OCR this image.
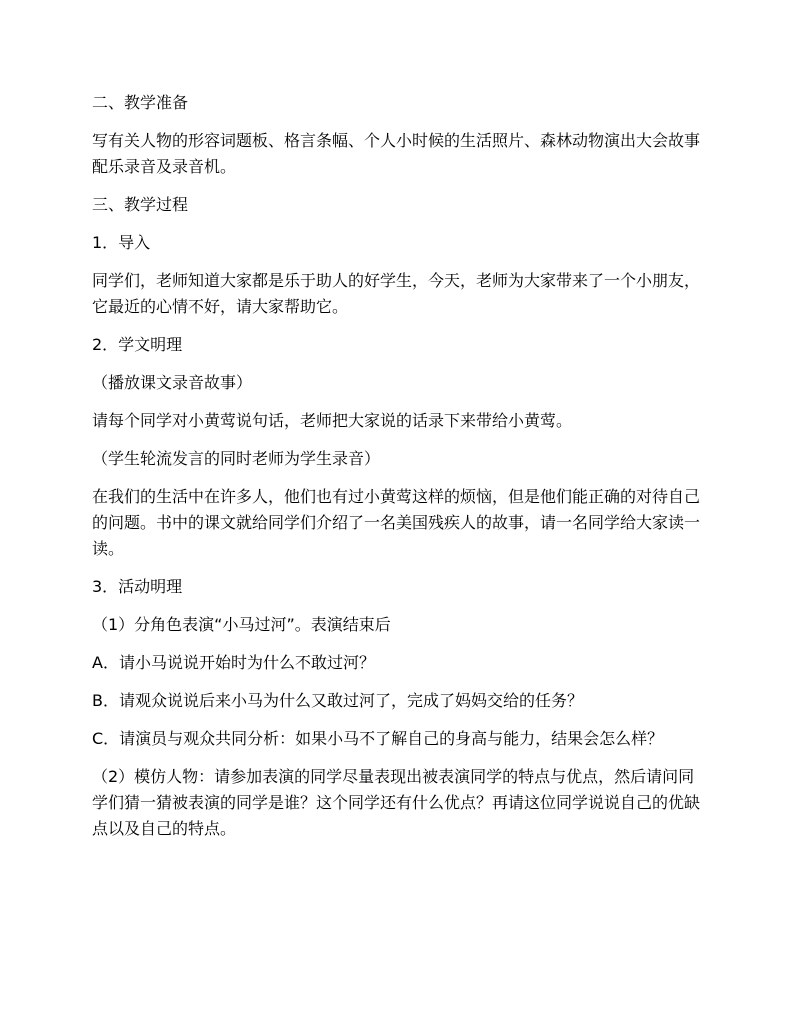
二、教学准备

写有关人物的形容词题板、格言条幅、个人小时候的生活照片、森林动物演出大会故事配乐录音及录音机。

三、教学过程

1．导入

同学们，老师知道大家都是乐于助人的好学生，今天，老师为大家带来了一个小朋友，它最近的心情不好，请大家帮助它。

2．学文明理

（播放课文录音故事）

请每个同学对小黄莺说句话，老师把大家说的话录下来带给小黄莺。

（学生轮流发言的同时老师为学生录音）

在我们的生活中在许多人，他们也有过小黄莺这样的烦恼，但是他们能正确的对待自己的问题。书中的课文就给同学们介绍了一名美国残疾人的故事，请一名同学给大家读一读。

3．活动明理

（1）分角色表演“小马过河”。表演结束后

A．请小马说说开始时为什么不敢过河？

B．请观众说说后来小马为什么又敢过河了，完成了妈妈交给的任务？

C．请演员与观众共同分析：如果小马不了解自己的身高与能力，结果会怎么样？

（2）模仿人物：请参加表演的同学尽量表现出被表演同学的特点与优点，然后请问同学们猜一猜被表演的同学是谁？这个同学还有什么优点？再请这位同学说说自己的优缺点以及自己的特点。
